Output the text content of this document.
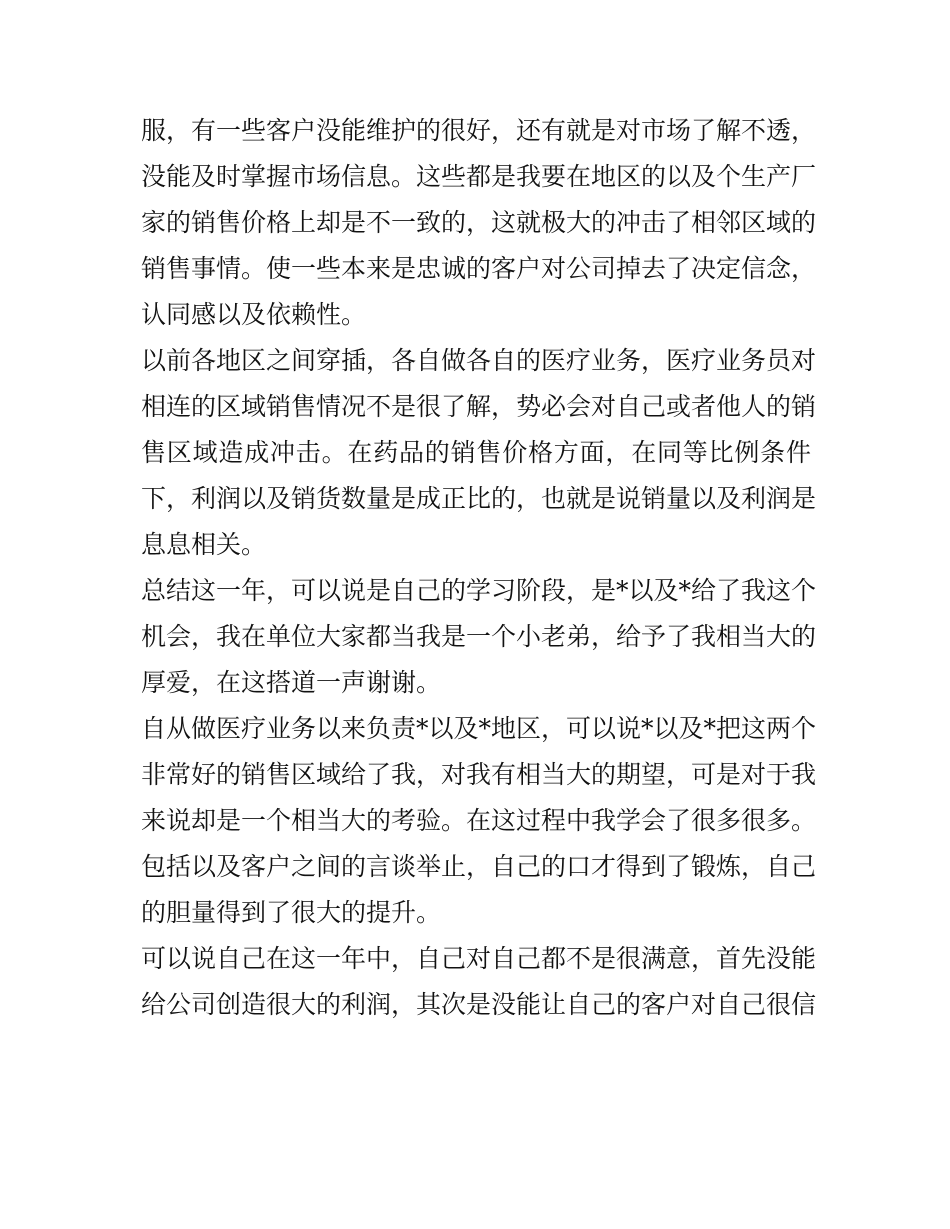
服，有一些客户没能维护的很好，还有就是对市场了解不透，

没能及时掌握市场信息。这些都是我要在地区的以及个生产厂

家的销售价格上却是不一致的，这就极大的冲击了相邻区域的

销售事情。使一些本来是忠诚的客户对公司掉去了决定信念，

认同感以及依赖性。

以前各地区之间穿插，各自做各自的医疗业务，医疗业务员对

相连的区域销售情况不是很了解，势必会对自己或者他人的销

售区域造成冲击。在药品的销售价格方面，在同等比例条件

下，利润以及销货数量是成正比的，也就是说销量以及利润是

息息相关。

总结这一年，可以说是自己的学习阶段，是*以及*给了我这个

机会，我在单位大家都当我是一个小老弟，给予了我相当大的

厚爱，在这搭道一声谢谢。

自从做医疗业务以来负责*以及*地区，可以说*以及*把这两个

非常好的销售区域给了我，对我有相当大的期望，可是对于我

来说却是一个相当大的考验。在这过程中我学会了很多很多。

包括以及客户之间的言谈举止，自己的口才得到了锻炼，自己

的胆量得到了很大的提升。

可以说自己在这一年中，自己对自己都不是很满意，首先没能

给公司创造很大的利润，其次是没能让自己的客户对自己很信
